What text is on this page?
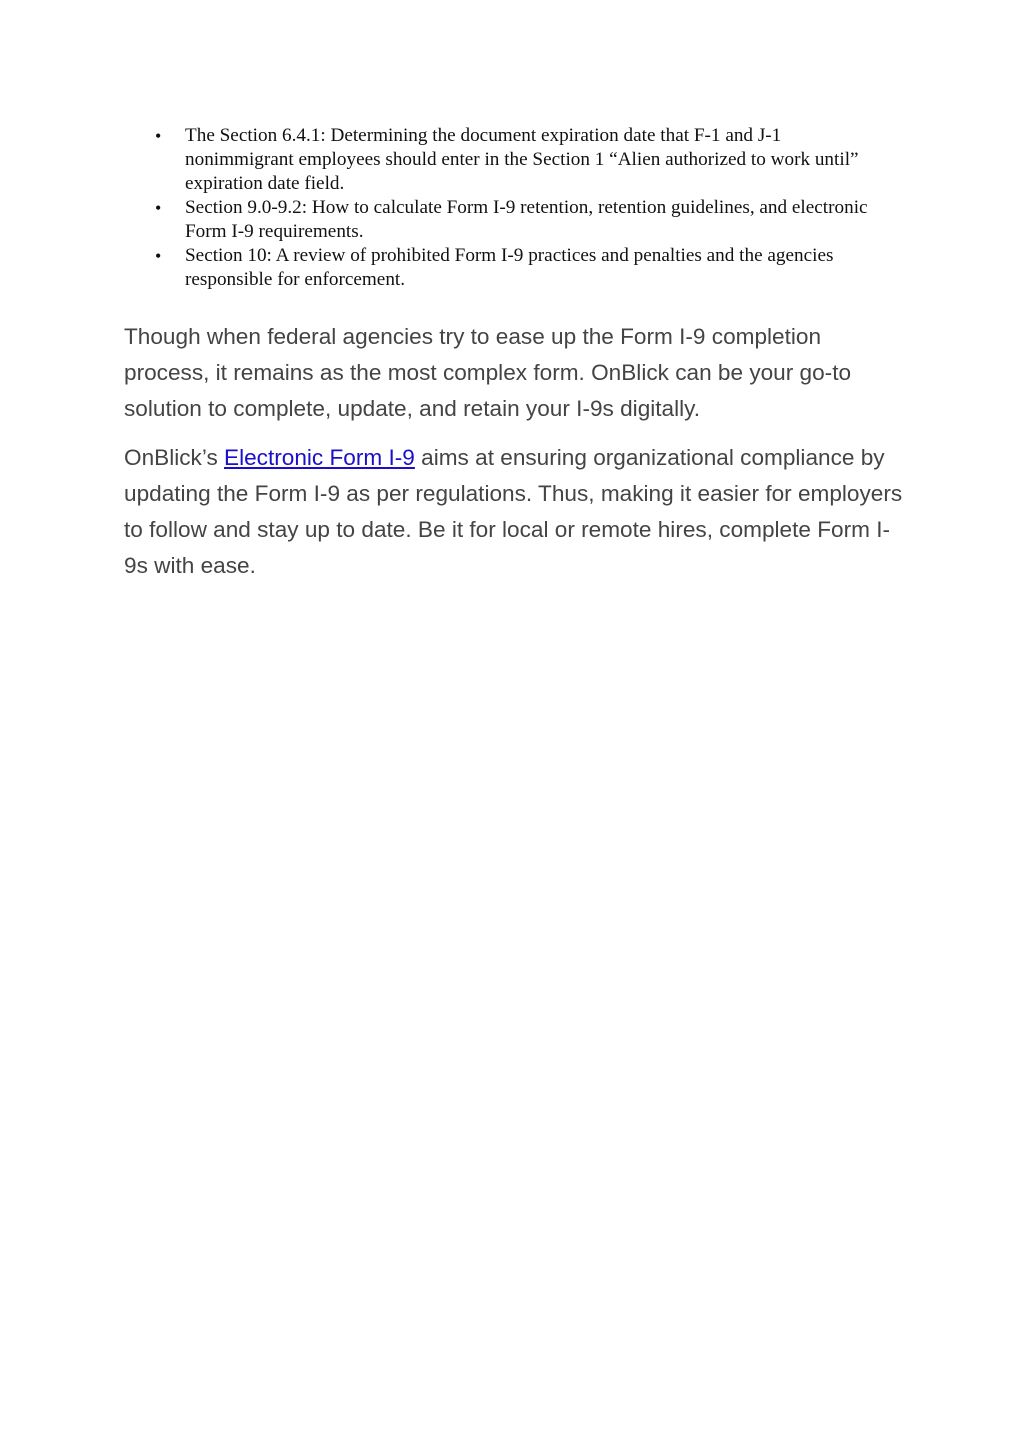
• The Section 6.4.1: Determining the document expiration date that F-1 and J-1 nonimmigrant employees should enter in the Section 1 “Alien authorized to work until” expiration date field.
• Section 9.0-9.2: How to calculate Form I-9 retention, retention guidelines, and electronic Form I-9 requirements.
• Section 10: A review of prohibited Form I-9 practices and penalties and the agencies responsible for enforcement.

Though when federal agencies try to ease up the Form I-9 completion process, it remains as the most complex form. OnBlick can be your go-to solution to complete, update, and retain your I-9s digitally.

OnBlick’s Electronic Form I-9 aims at ensuring organizational compliance by updating the Form I-9 as per regulations. Thus, making it easier for employers to follow and stay up to date. Be it for local or remote hires, complete Form I-9s with ease.
